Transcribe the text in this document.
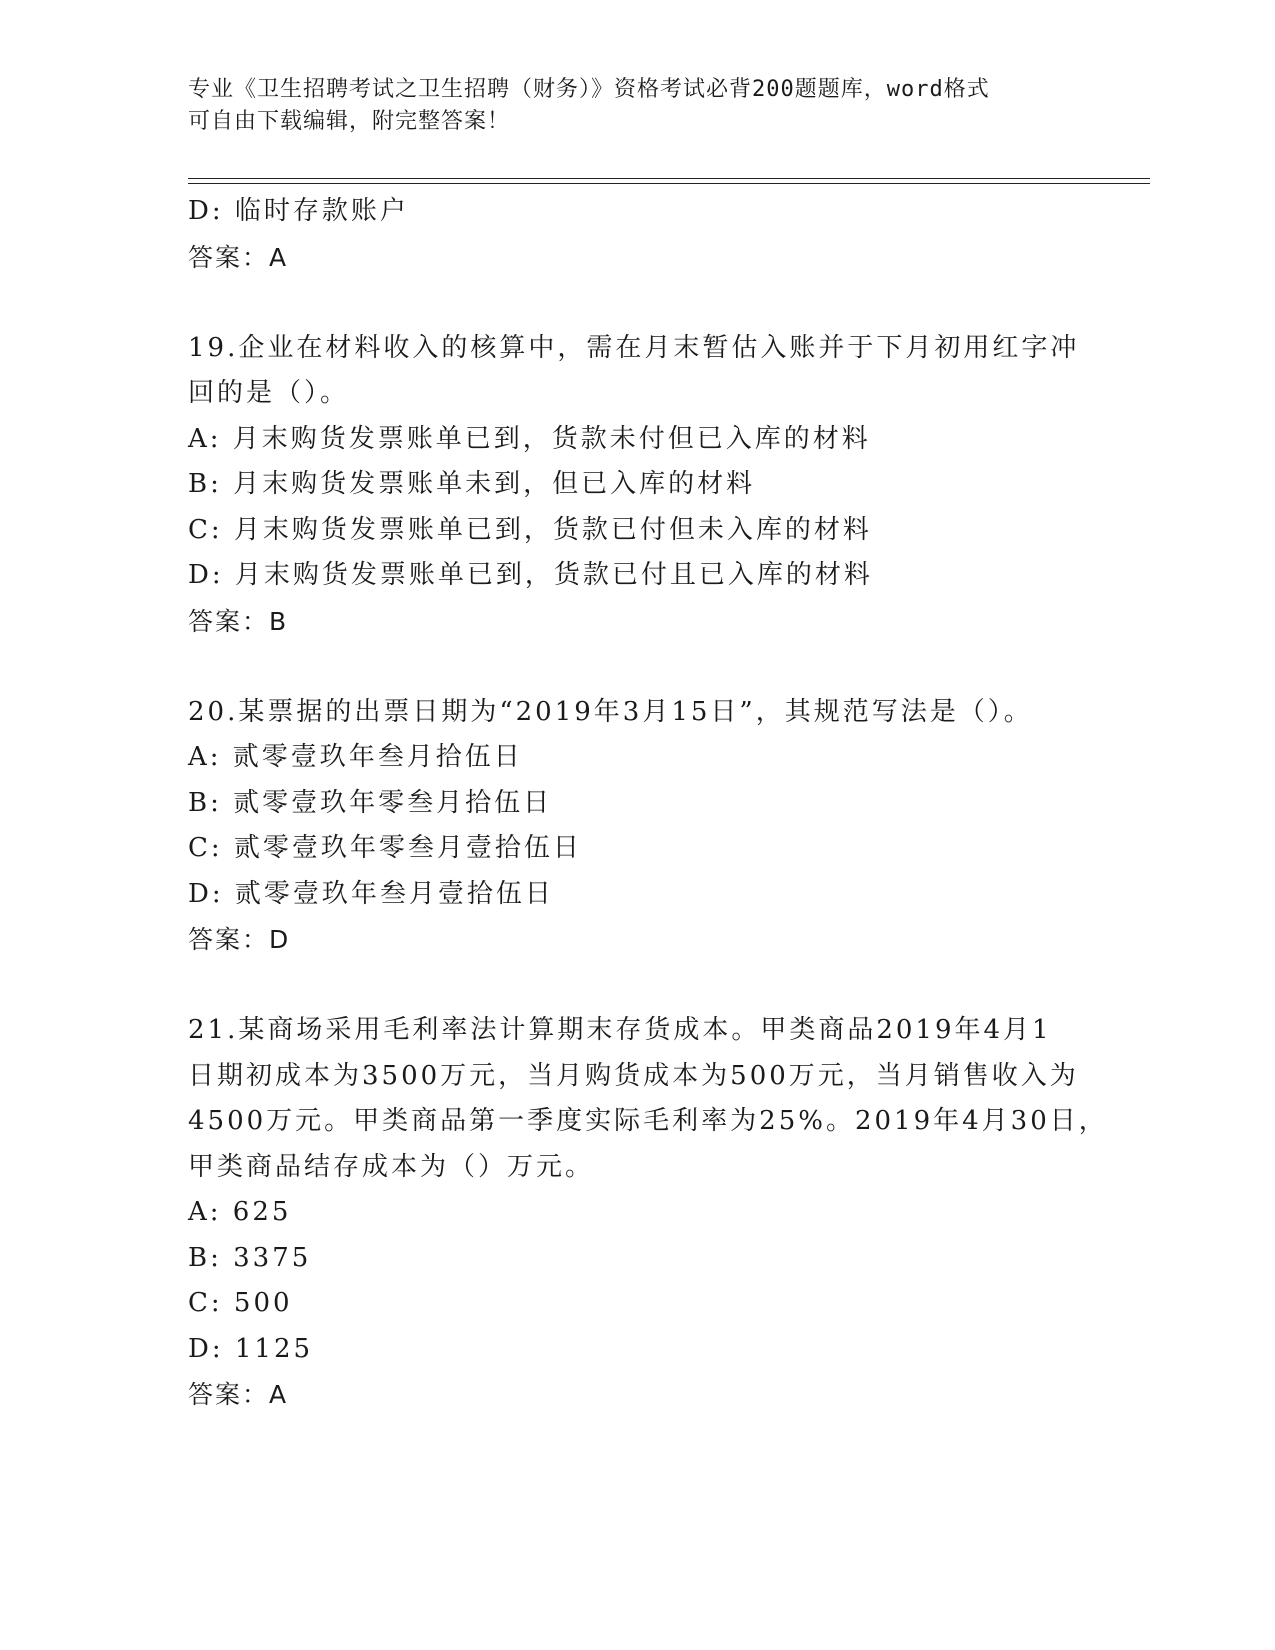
专业《卫生招聘考试之卫生招聘（财务）》资格考试必背200题题库，word格式
可自由下载编辑，附完整答案！
D: 临时存款账户
答案：A
19.企业在材料收入的核算中，需在月末暂估入账并于下月初用红字冲
回的是（）。
A: 月末购货发票账单已到，货款未付但已入库的材料
B: 月末购货发票账单未到，但已入库的材料
C: 月末购货发票账单已到，货款已付但未入库的材料
D: 月末购货发票账单已到，货款已付且已入库的材料
答案：B
20.某票据的出票日期为“2019年3月15日”，其规范写法是（）。
A: 贰零壹玖年叁月拾伍日
B: 贰零壹玖年零叁月拾伍日
C: 贰零壹玖年零叁月壹拾伍日
D: 贰零壹玖年叁月壹拾伍日
答案：D
21.某商场采用毛利率法计算期末存货成本。甲类商品2019年4月1
日期初成本为3500万元，当月购货成本为500万元，当月销售收入为
4500万元。甲类商品第一季度实际毛利率为25%。2019年4月30日，
甲类商品结存成本为（）万元。
A: 625
B: 3375
C: 500
D: 1125
答案：A
